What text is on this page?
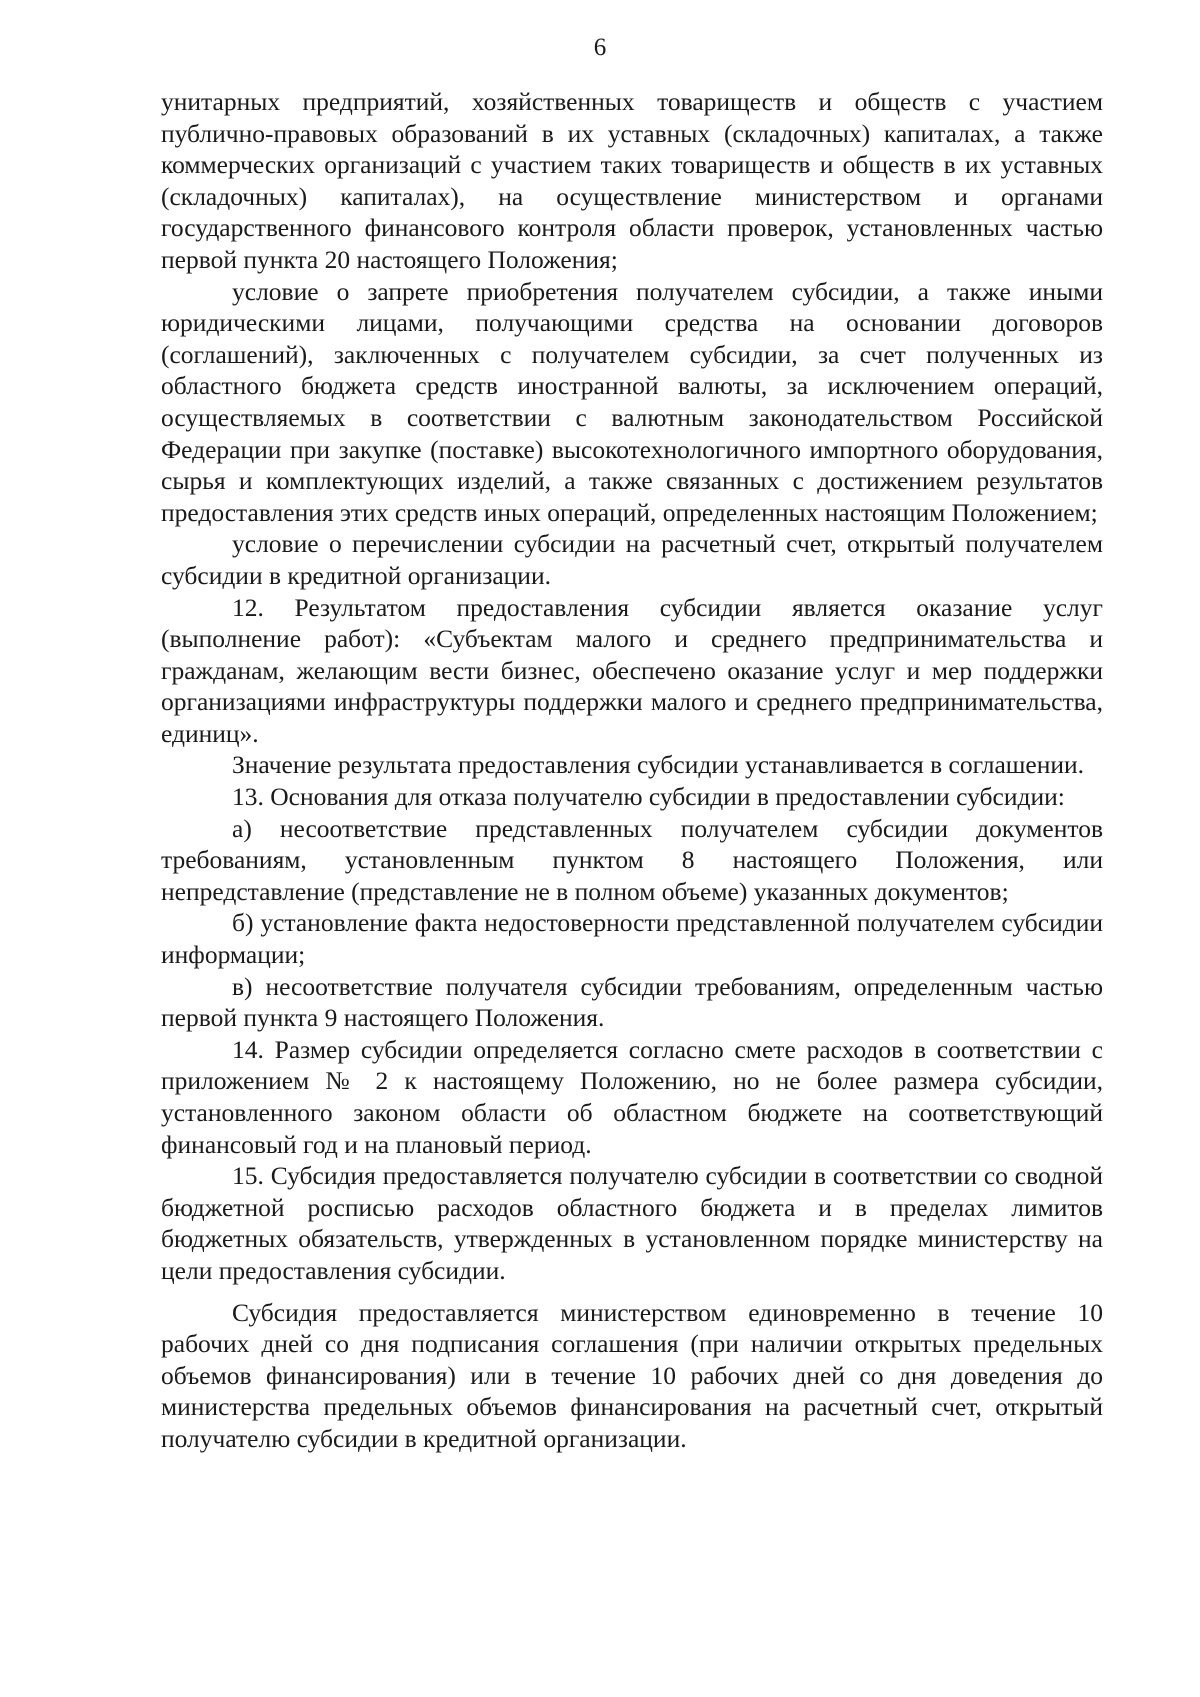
6

унитарных предприятий, хозяйственных товариществ и обществ с участием публично-правовых образований в их уставных (складочных) капиталах, а также коммерческих организаций с участием таких товариществ и обществ в их уставных (складочных) капиталах), на осуществление министерством и органами государственного финансового контроля области проверок, установленных частью первой пункта 20 настоящего Положения;

условие о запрете приобретения получателем субсидии, а также иными юридическими лицами, получающими средства на основании договоров (соглашений), заключенных с получателем субсидии, за счет полученных из областного бюджета средств иностранной валюты, за исключением операций, осуществляемых в соответствии с валютным законодательством Российской Федерации при закупке (поставке) высокотехнологичного импортного оборудования, сырья и комплектующих изделий, а также связанных с достижением результатов предоставления этих средств иных операций, определенных настоящим Положением;

условие о перечислении субсидии на расчетный счет, открытый получателем субсидии в кредитной организации.

12. Результатом предоставления субсидии является оказание услуг (выполнение работ): «Субъектам малого и среднего предпринимательства и гражданам, желающим вести бизнес, обеспечено оказание услуг и мер поддержки организациями инфраструктуры поддержки малого и среднего предпринимательства, единиц».

Значение результата предоставления субсидии устанавливается в соглашении.

13. Основания для отказа получателю субсидии в предоставлении субсидии:

а) несоответствие представленных получателем субсидии документов требованиям, установленным пунктом 8 настоящего Положения, или непредставление (представление не в полном объеме) указанных документов;

б) установление факта недостоверности представленной получателем субсидии информации;

в) несоответствие получателя субсидии требованиям, определенным частью первой пункта 9 настоящего Положения.

14. Размер субсидии определяется согласно смете расходов в соответствии с приложением № 2 к настоящему Положению, но не более размера субсидии, установленного законом области об областном бюджете на соответствующий финансовый год и на плановый период.

15. Субсидия предоставляется получателю субсидии в соответствии со сводной бюджетной росписью расходов областного бюджета и в пределах лимитов бюджетных обязательств, утвержденных в установленном порядке министерству на цели предоставления субсидии.

Субсидия предоставляется министерством единовременно в течение 10 рабочих дней со дня подписания соглашения (при наличии открытых предельных объемов финансирования) или в течение 10 рабочих дней со дня доведения до министерства предельных объемов финансирования на расчетный счет, открытый получателю субсидии в кредитной организации.
